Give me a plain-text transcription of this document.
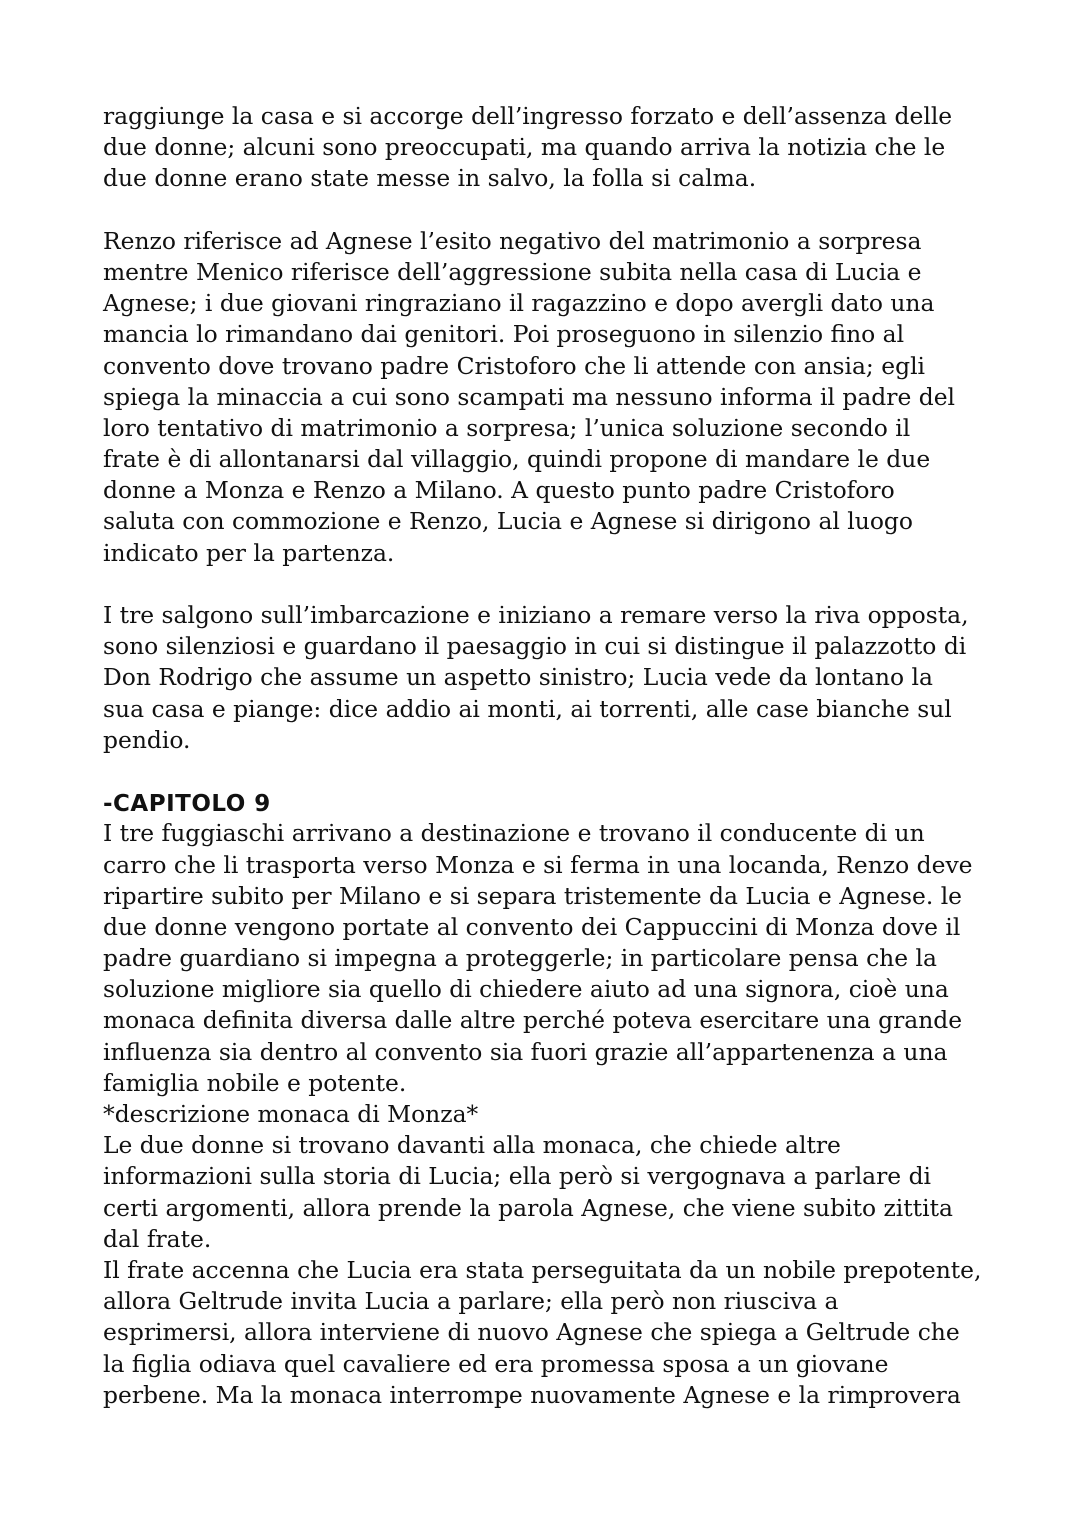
raggiunge la casa e si accorge dell’ingresso forzato e dell’assenza delle
due donne; alcuni sono preoccupati, ma quando arriva la notizia che le
due donne erano state messe in salvo, la folla si calma.
Renzo riferisce ad Agnese l’esito negativo del matrimonio a sorpresa
mentre Menico riferisce dell’aggressione subita nella casa di Lucia e
Agnese; i due giovani ringraziano il ragazzino e dopo avergli dato una
mancia lo rimandano dai genitori. Poi proseguono in silenzio fino al
convento dove trovano padre Cristoforo che li attende con ansia; egli
spiega la minaccia a cui sono scampati ma nessuno informa il padre del
loro tentativo di matrimonio a sorpresa; l’unica soluzione secondo il
frate è di allontanarsi dal villaggio, quindi propone di mandare le due
donne a Monza e Renzo a Milano. A questo punto padre Cristoforo
saluta con commozione e Renzo, Lucia e Agnese si dirigono al luogo
indicato per la partenza.
I tre salgono sull’imbarcazione e iniziano a remare verso la riva opposta,
sono silenziosi e guardano il paesaggio in cui si distingue il palazzotto di
Don Rodrigo che assume un aspetto sinistro; Lucia vede da lontano la
sua casa e piange: dice addio ai monti, ai torrenti, alle case bianche sul
pendio.
-CAPITOLO 9
I tre fuggiaschi arrivano a destinazione e trovano il conducente di un
carro che li trasporta verso Monza e si ferma in una locanda, Renzo deve
ripartire subito per Milano e si separa tristemente da Lucia e Agnese. le
due donne vengono portate al convento dei Cappuccini di Monza dove il
padre guardiano si impegna a proteggerle; in particolare pensa che la
soluzione migliore sia quello di chiedere aiuto ad una signora, cioè una
monaca definita diversa dalle altre perché poteva esercitare una grande
influenza sia dentro al convento sia fuori grazie all’appartenenza a una
famiglia nobile e potente.
*descrizione monaca di Monza*
Le due donne si trovano davanti alla monaca, che chiede altre
informazioni sulla storia di Lucia; ella però si vergognava a parlare di
certi argomenti, allora prende la parola Agnese, che viene subito zittita
dal frate.
Il frate accenna che Lucia era stata perseguitata da un nobile prepotente,
allora Geltrude invita Lucia a parlare; ella però non riusciva a
esprimersi, allora interviene di nuovo Agnese che spiega a Geltrude che
la figlia odiava quel cavaliere ed era promessa sposa a un giovane
perbene. Ma la monaca interrompe nuovamente Agnese e la rimprovera
